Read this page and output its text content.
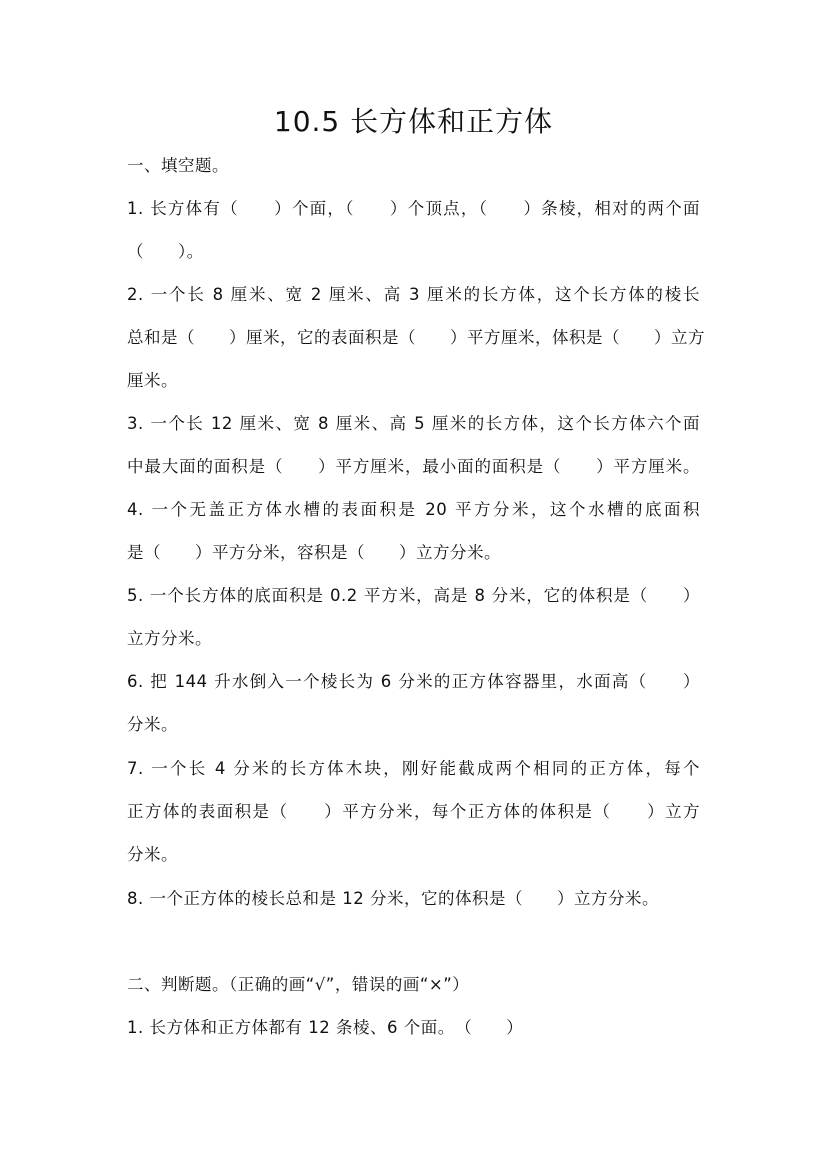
10.5 长方体和正方体
一、填空题。
1. 长方体有（　　）个面，（　　）个顶点，（　　）条棱，相对的两个面
（　　）。
2. 一个长 8 厘米、宽 2 厘米、高 3 厘米的长方体，这个长方体的棱长
总和是（　　）厘米，它的表面积是（　　）平方厘米，体积是（　　）立方
厘米。
3. 一个长 12 厘米、宽 8 厘米、高 5 厘米的长方体，这个长方体六个面
中最大面的面积是（　　）平方厘米，最小面的面积是（　　）平方厘米。
4. 一个无盖正方体水槽的表面积是 20 平方分米，这个水槽的底面积
是（　　）平方分米，容积是（　　）立方分米。
5. 一个长方体的底面积是 0.2 平方米，高是 8 分米，它的体积是（　　）
立方分米。
6. 把 144 升水倒入一个棱长为 6 分米的正方体容器里，水面高（　　）
分米。
7. 一个长 4 分米的长方体木块，刚好能截成两个相同的正方体，每个
正方体的表面积是（　　）平方分米，每个正方体的体积是（　　）立方
分米。
8. 一个正方体的棱长总和是 12 分米，它的体积是（　　）立方分米。
二、判断题。（正确的画“√”，错误的画“×”）
1. 长方体和正方体都有 12 条棱、6 个面。　（　　）
